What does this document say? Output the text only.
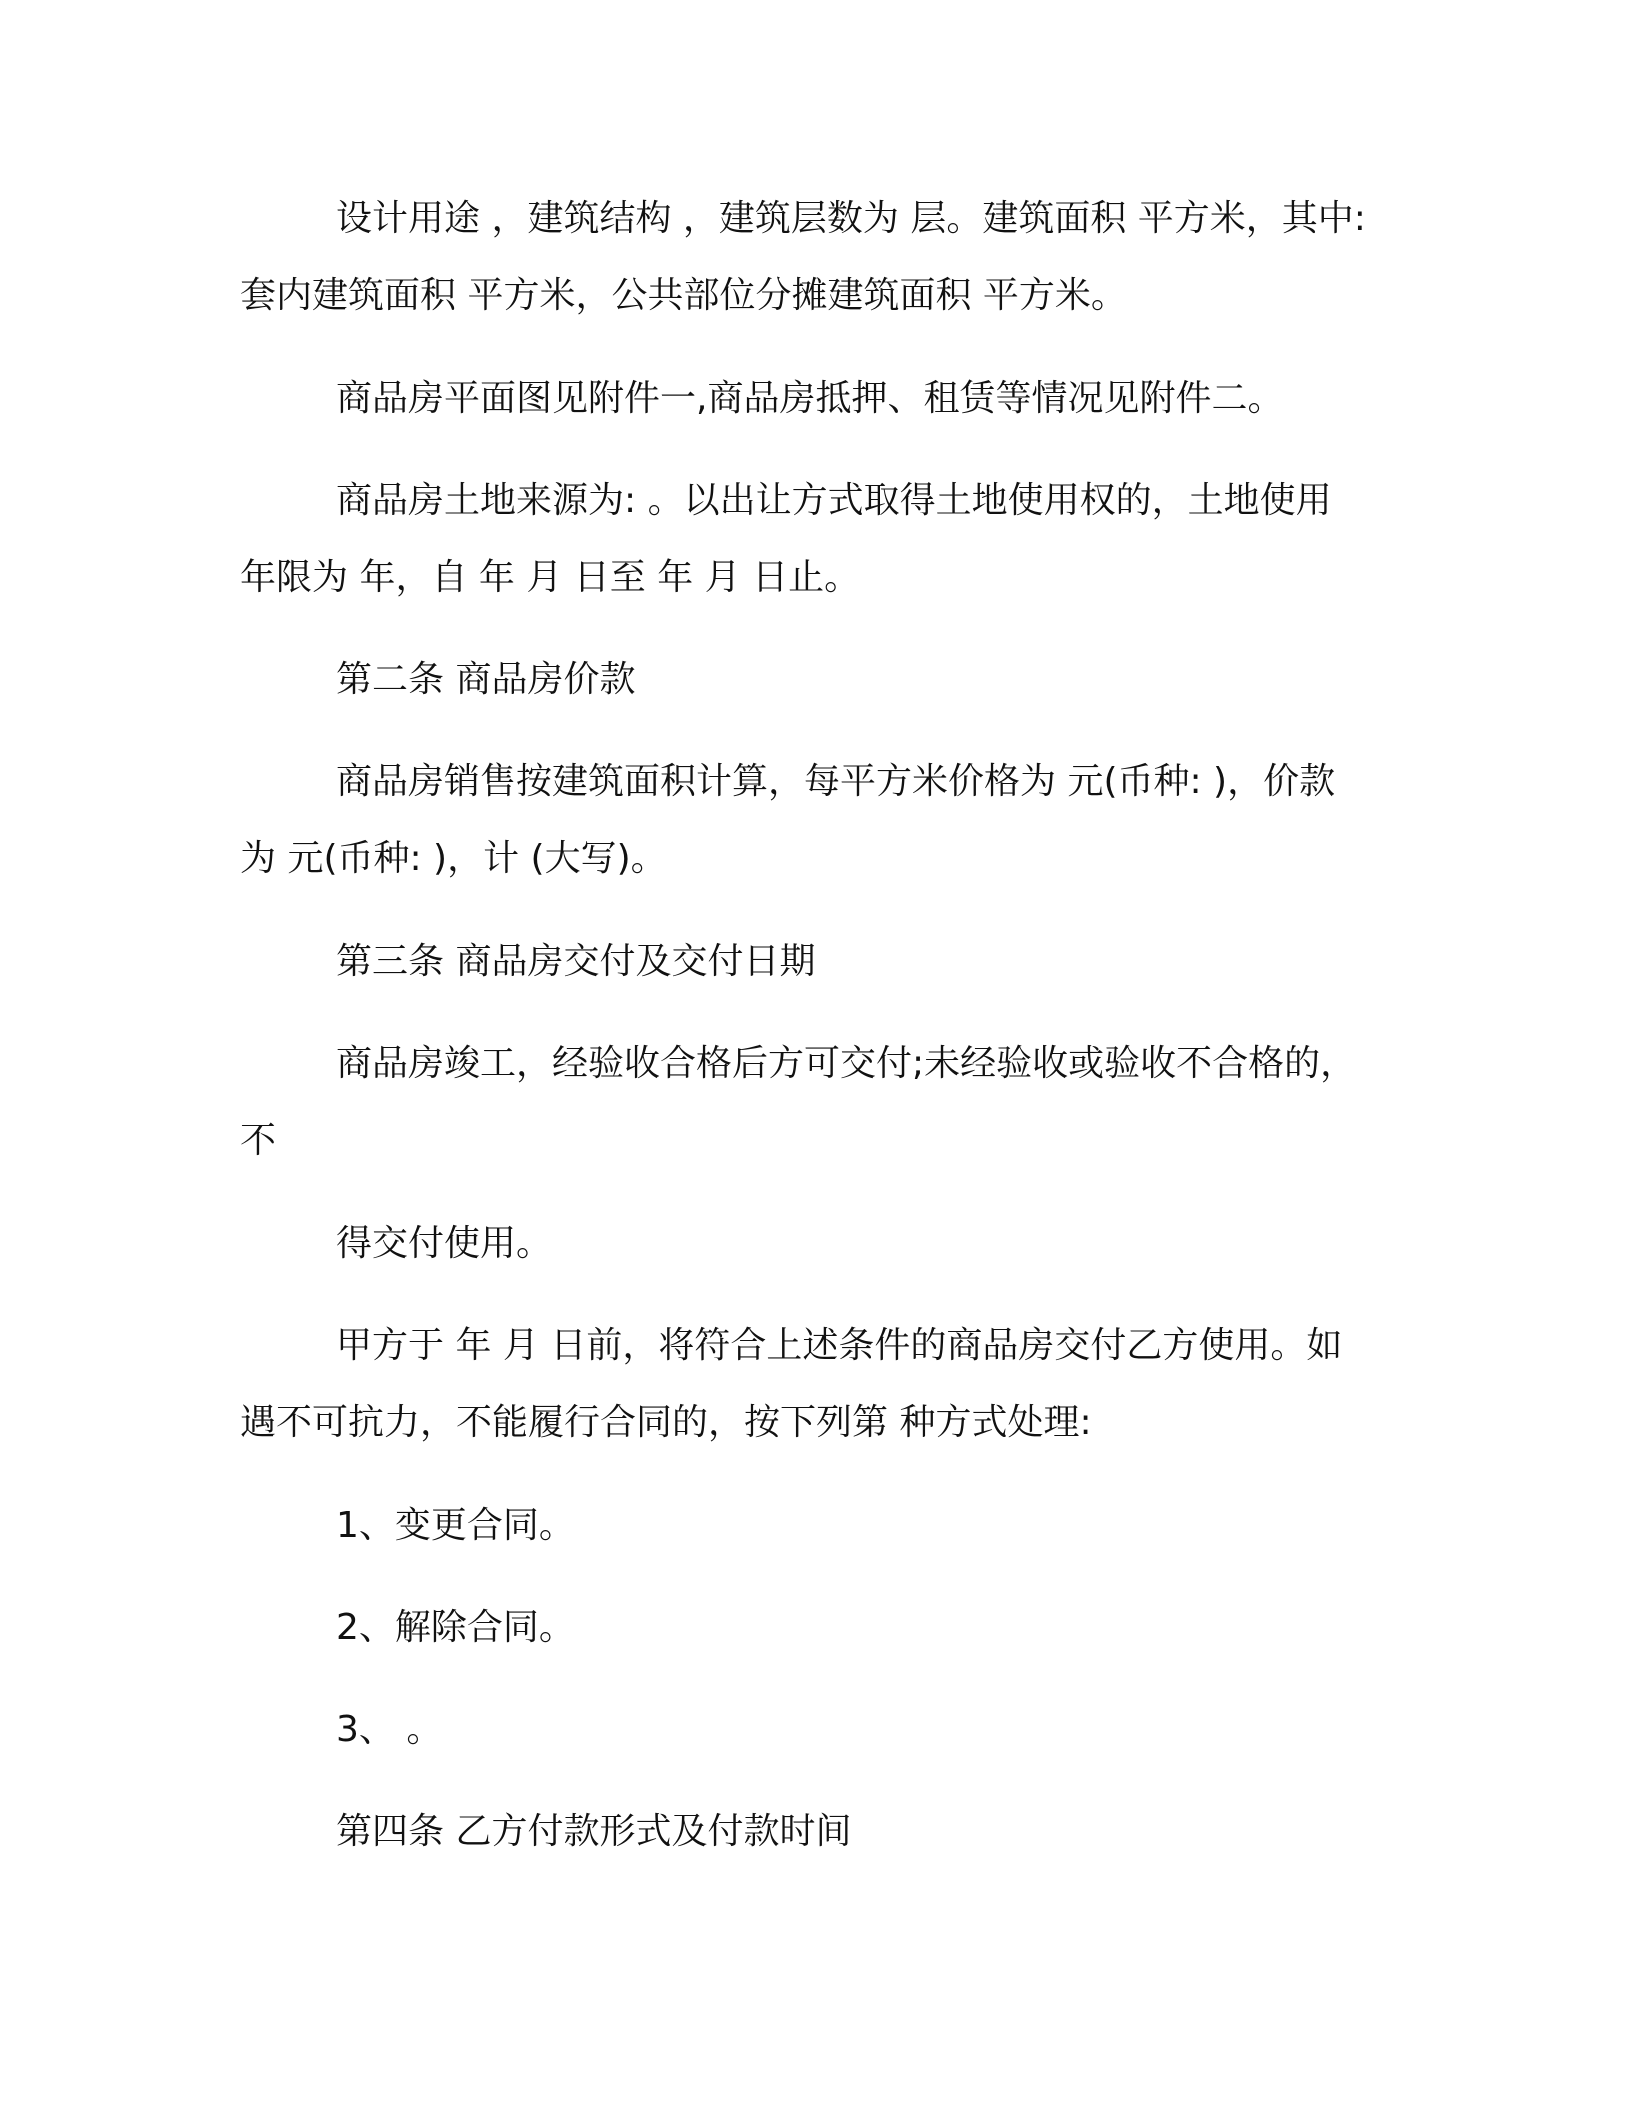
设计用途 ，建筑结构 ，建筑层数为 层。建筑面积 平方米，其中:
套内建筑面积 平方米，公共部位分摊建筑面积 平方米。
商品房平面图见附件一,商品房抵押、租赁等情况见附件二。
商品房土地来源为: 。以出让方式取得土地使用权的，土地使用
年限为 年，自 年 月 日至 年 月 日止。
第二条 商品房价款
商品房销售按建筑面积计算，每平方米价格为 元(币种: )，价款
为 元(币种: )，计 (大写)。
第三条 商品房交付及交付日期
商品房竣工，经验收合格后方可交付;未经验收或验收不合格的，
不
得交付使用。
甲方于 年 月 日前，将符合上述条件的商品房交付乙方使用。如
遇不可抗力，不能履行合同的，按下列第 种方式处理:
1、变更合同。
2、解除合同。
3、 。
第四条 乙方付款形式及付款时间
